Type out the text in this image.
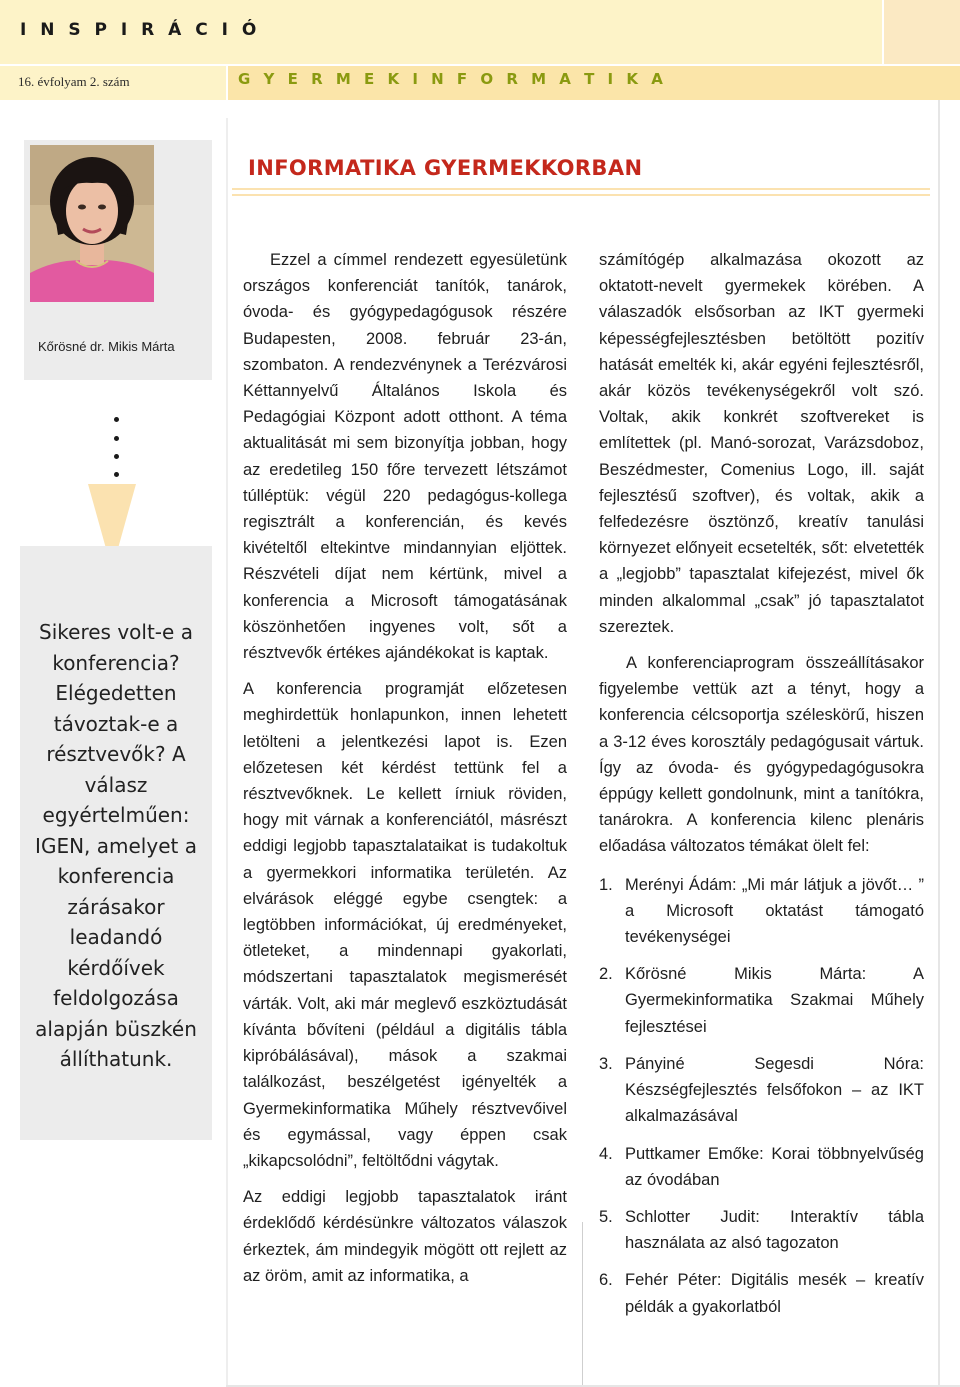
I N S P I R Á C I Ó
16. évfolyam 2. szám	G Y E R M E K I N F O R M A T I K A
Kőrösné dr. Mikis Márta
Sikeres volt-e a konferencia? Elégedetten távoztak-e a résztvevők? A válasz egyértelműen: IGEN, amelyet a konferencia zárásakor leadandó kérdőívek feldolgozása alapján büszkén állíthatunk.
INFORMATIKA GYERMEKKORBAN

Ezzel a címmel rendezett egyesületünk országos konferenciát tanítók, tanárok, óvoda- és gyógypedagógusok részére Budapesten, 2008. február 23-án, szombaton. A rendezvénynek a Terézvárosi Kéttannyelvű Általános Iskola és Pedagógiai Központ adott otthont. A téma aktualitását mi sem bizonyítja jobban, hogy az eredetileg 150 főre tervezett létszámot túlléptük: végül 220 pedagógus-kollega regisztrált a konferencián, és kevés kivételtől eltekintve mindannyian eljöttek. Részvételi díjat nem kértünk, mivel a konferencia a Microsoft támogatásának köszönhetően ingyenes volt, sőt a résztvevők értékes ajándékokat is kaptak.

A konferencia programját előzetesen meghirdettük honlapunkon, innen lehetett letölteni a jelentkezési lapot is. Ezen előzetesen két kérdést tettünk fel a résztvevőknek. Le kellett írniuk röviden, hogy mit várnak a konferenciától, másrészt eddigi legjobb tapasztalataikat is tudakoltuk a gyermekkori informatika területén. Az elvárások eléggé egybe csengtek: a legtöbben információkat, új eredményeket, ötleteket, a mindennapi gyakorlati, módszertani tapasztalatok megismerését várták. Volt, aki már meglevő eszköztudását kívánta bővíteni (például a digitális tábla kipróbálásával), mások a szakmai találkozást, beszélgetést igényelték a Gyermekinformatika Műhely résztvevőivel és egymással, vagy éppen csak „kikapcsolódni”, feltöltődni vágytak.

Az eddigi legjobb tapasztalatok iránt érdeklődő kérdésünkre változatos válaszok érkeztek, ám mindegyik mögött ott rejlett az az öröm, amit az informatika, a

számítógép alkalmazása okozott az oktatott-nevelt gyermekek körében. A válaszadók elsősorban az IKT gyermeki képességfejlesztésben betöltött pozitív hatását emelték ki, akár egyéni fejlesztésről, akár közös tevékenységekről volt szó. Voltak, akik konkrét szoftvereket is említettek (pl. Manó-sorozat, Varázsdoboz, Beszédmester, Comenius Logo, ill. saját fejlesztésű szoftver), és voltak, akik a felfedezésre ösztönző, kreatív tanulási környezet előnyeit ecsetelték, sőt: elvetették a „legjobb” tapasztalat kifejezést, mivel ők minden alkalommal „csak” jó tapasztalatot szereztek.

A konferenciaprogram összeállításakor figyelembe vettük azt a tényt, hogy a konferencia célcsoportja széleskörű, hiszen a 3-12 éves korosztály pedagógusait vártuk. Így az óvoda- és gyógypedagógusokra éppúgy kellett gondolnunk, mint a tanítókra, tanárokra. A konferencia kilenc plenáris előadása változatos témákat ölelt fel:

1. Merényi Ádám: „Mi már látjuk a jövőt… ” a Microsoft oktatást támogató tevékenységei
2. Kőrösné Mikis Márta: A Gyermekinformatika Szakmai Műhely fejlesztései
3. Pányiné Segesdi Nóra: Készségfejlesztés felsőfokon – az IKT alkalmazásával
4. Puttkamer Emőke: Korai többnyelvűség az óvodában
5. Schlotter Judit: Interaktív tábla használata az alsó tagozaton
6. Fehér Péter: Digitális mesék – kreatív példák a gyakorlatból
